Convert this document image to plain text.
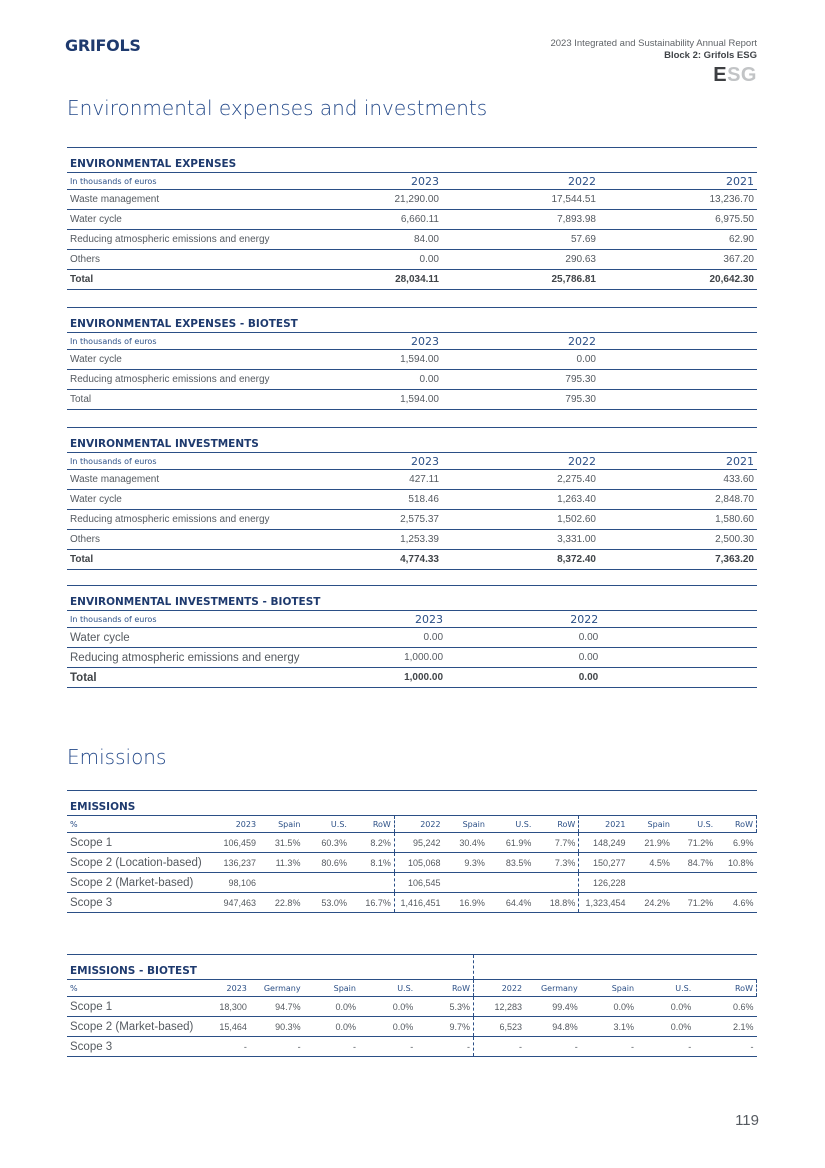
GRIFOLS	2023 Integrated and Sustainability Annual Report
Block 2: Grifols ESG
ESG
Environmental expenses and investments
ENVIRONMENTAL EXPENSES			
In thousands of euros	2023	2022	2021
Waste management	21,290.00	17,544.51	13,236.70
Water cycle	6,660.11	7,893.98	6,975.50
Reducing atmospheric emissions and energy	84.00	57.69	62.90
Others	0.00	290.63	367.20
Total	28,034.11	25,786.81	20,642.30
ENVIRONMENTAL EXPENSES - BIOTEST			
In thousands of euros	2023	2022	
Water cycle	1,594.00	0.00	
Reducing atmospheric emissions and energy	0.00	795.30	
Total	1,594.00	795.30	
ENVIRONMENTAL INVESTMENTS			
In thousands of euros	2023	2022	2021
Waste management	427.11	2,275.40	433.60
Water cycle	518.46	1,263.40	2,848.70
Reducing atmospheric emissions and energy	2,575.37	1,502.60	1,580.60
Others	1,253.39	3,331.00	2,500.30
Total	4,774.33	8,372.40	7,363.20
ENVIRONMENTAL INVESTMENTS - BIOTEST			
In thousands of euros	2023	2022	
Water cycle	0.00	0.00	
Reducing atmospheric emissions and energy	1,000.00	0.00	
Total	1,000.00	0.00	
Emissions
EMISSIONS												
%	2023	Spain	U.S.	RoW	2022	Spain	U.S.	RoW	2021	Spain	U.S.	RoW
Scope 1	106,459	31.5%	60.3%	8.2%	95,242	30.4%	61.9%	7.7%	148,249	21.9%	71.2%	6.9%
Scope 2 (Location-based)	136,237	11.3%	80.6%	8.1%	105,068	9.3%	83.5%	7.3%	150,277	4.5%	84.7%	10.8%
Scope 2 (Market-based)	98,106				106,545				126,228			
Scope 3	947,463	22.8%	53.0%	16.7%	1,416,451	16.9%	64.4%	18.8%	1,323,454	24.2%	71.2%	4.6%
EMISSIONS - BIOTEST										
%	2023	Germany	Spain	U.S.	RoW	2022	Germany	Spain	U.S.	RoW
Scope 1	18,300	94.7%	0.0%	0.0%	5.3%	12,283	99.4%	0.0%	0.0%	0.6%
Scope 2 (Market-based)	15,464	90.3%	0.0%	0.0%	9.7%	6,523	94.8%	3.1%	0.0%	2.1%
Scope 3	-	-	-	-	-	-	-	-	-	-
119
